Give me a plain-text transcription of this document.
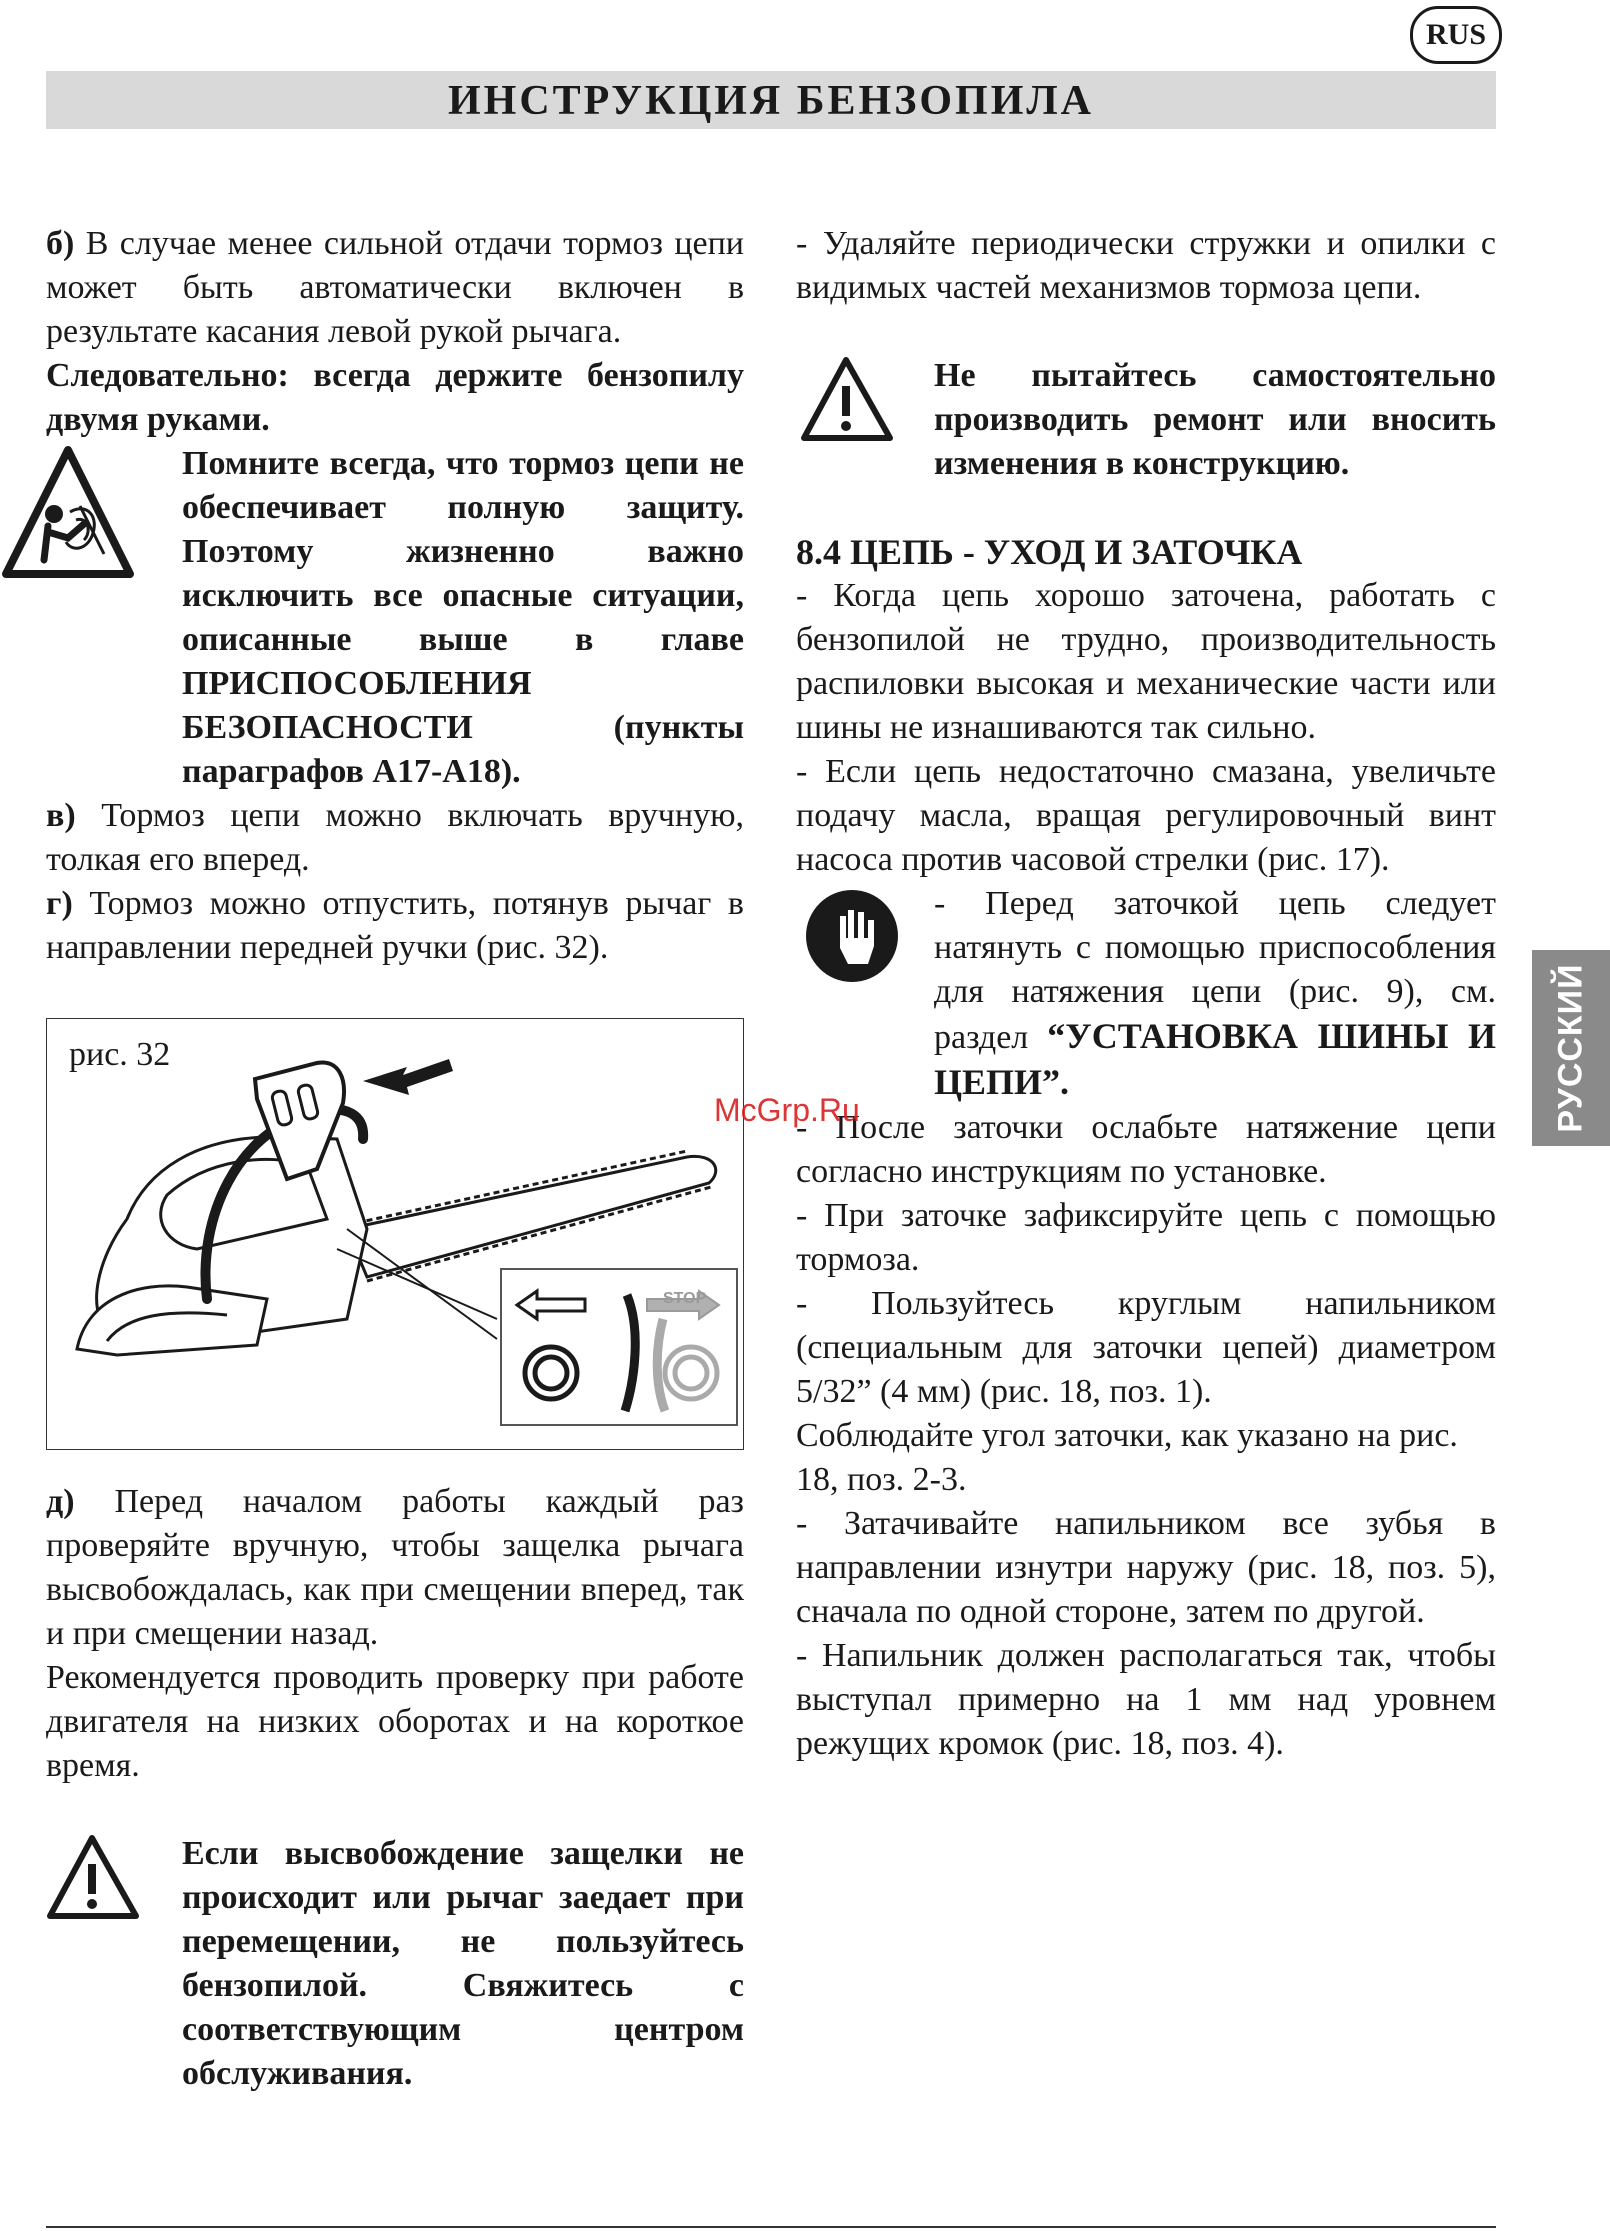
RUS
ИНСТРУКЦИЯ БЕНЗОПИЛА
РУССКИЙ

б) В случае менее сильной отдачи тормоз цепи может быть автоматически включен в результате касания левой рукой рычага.

Следовательно: всегда держите бензопилу двумя руками.

Помните всегда, что тормоз цепи не обеспечивает полную защиту. Поэтому жизненно важно исключить все опасные ситуации, описанные выше в главе ПРИСПОСОБЛЕНИЯ БЕЗОПАСНОСТИ (пункты параграфов А17-А18).

в) Тормоз цепи можно включать вручную, толкая его вперед.

г) Тормоз можно отпустить, потянув рычаг в направлении передней ручки (рис. 32).

рис. 32
STOP

д) Перед началом работы каждый раз проверяйте вручную, чтобы защелка рычага высвобождалась, как при смещении вперед, так и при смещении назад.

Рекомендуется проводить проверку при работе двигателя на низких оборотах и на короткое время.

Если высвобождение защелки не происходит или рычаг заедает при перемещении, не пользуйтесь бензопилой. Свяжитесь с соответствующим центром обслуживания.

- Удаляйте периодически стружки и опилки с видимых частей механизмов тормоза цепи.

Не пытайтесь самостоятельно производить ремонт или вносить изменения в конструкцию.

8.4 ЦЕПЬ - УХОД И ЗАТОЧКА

- Когда цепь хорошо заточена, работать с бензопилой не трудно, производительность распиловки высокая и механические части или шины не изнашиваются так сильно.

- Если цепь недостаточно смазана, увеличьте подачу масла, вращая регулировочный винт насоса против часовой стрелки (рис. 17).

- Перед заточкой цепь следует натянуть с помощью приспособления для натяжения цепи (рис. 9), см. раздел “УСТАНОВКА ШИНЫ И ЦЕПИ”.

- После заточки ослабьте натяжение цепи согласно инструкциям по установке.

- При заточке зафиксируйте цепь с помощью тормоза.

- Пользуйтесь круглым напильником (специальным для заточки цепей) диаметром 5/32” (4 мм) (рис. 18, поз. 1).

Соблюдайте угол заточки, как указано на рис. 18, поз. 2-3.

- Затачивайте напильником все зубья в направлении изнутри наружу (рис. 18, поз. 5), сначала по одной стороне, затем по другой.

- Напильник должен располагаться так, чтобы выступал примерно на 1 мм над уровнем режущих кромок (рис. 18, поз. 4).

McGrp.Ru
